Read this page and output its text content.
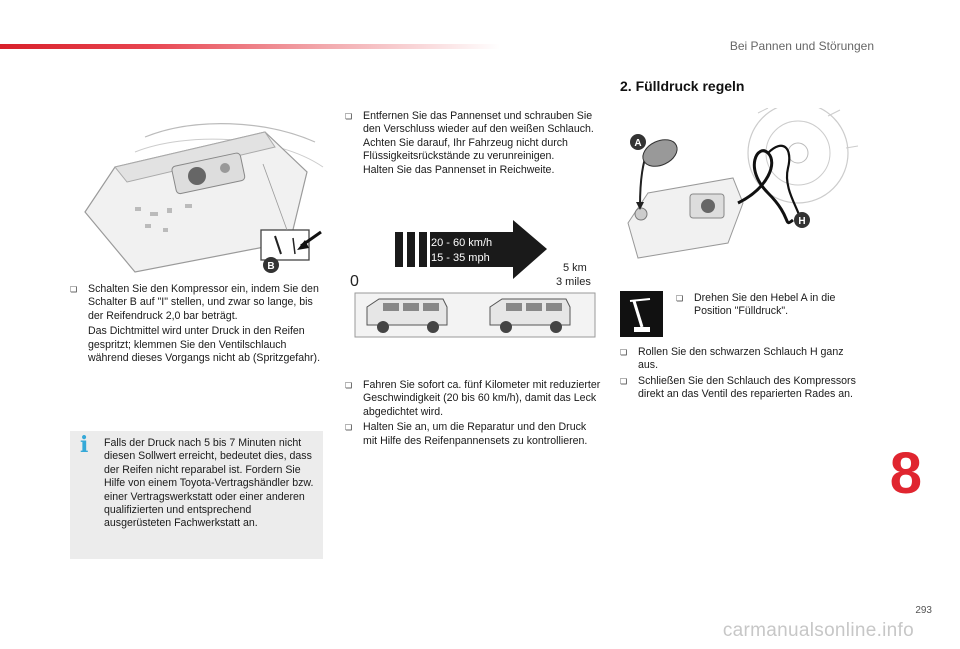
Bei Pannen und Störungen
B
❏	Schalten Sie den Kompressor ein, indem Sie den Schalter B auf "I" stellen, und zwar so lange, bis der Reifendruck 2,0 bar beträgt.
Das Dichtmittel wird unter Druck in den Reifen gespritzt; klemmen Sie den Ventilschlauch während dieses Vorgangs nicht ab (Spritzgefahr).
i Falls der Druck nach 5 bis 7 Minuten nicht diesen Sollwert erreicht, bedeutet dies, dass der Reifen nicht reparabel ist. Fordern Sie Hilfe von einem Toyota-Vertragshändler bzw. einer Vertragswerkstatt oder einer anderen qualifizierten und entsprechend ausgerüsteten Fachwerkstatt an.
❏	Entfernen Sie das Pannenset und schrauben Sie den Verschluss wieder auf den weißen Schlauch.
Achten Sie darauf, Ihr Fahrzeug nicht durch Flüssigkeitsrückstände zu verunreinigen.
Halten Sie das Pannenset in Reichweite.
20 - 60 km/h
15 - 35 mph
5 km
3 miles
0
❏	Fahren Sie sofort ca. fünf Kilometer mit reduzierter Geschwindigkeit (20 bis 60 km/h), damit das Leck abgedichtet wird.
❏	Halten Sie an, um die Reparatur und den Druck mit Hilfe des Reifenpannensets zu kontrollieren.
2. Fülldruck regeln
A
H
❏	Drehen Sie den Hebel A in die Position "Fülldruck".
❏	Rollen Sie den schwarzen Schlauch H ganz aus.
❏	Schließen Sie den Schlauch des Kompressors direkt an das Ventil des reparierten Rades an.
8
293
carmanualsonline.info
